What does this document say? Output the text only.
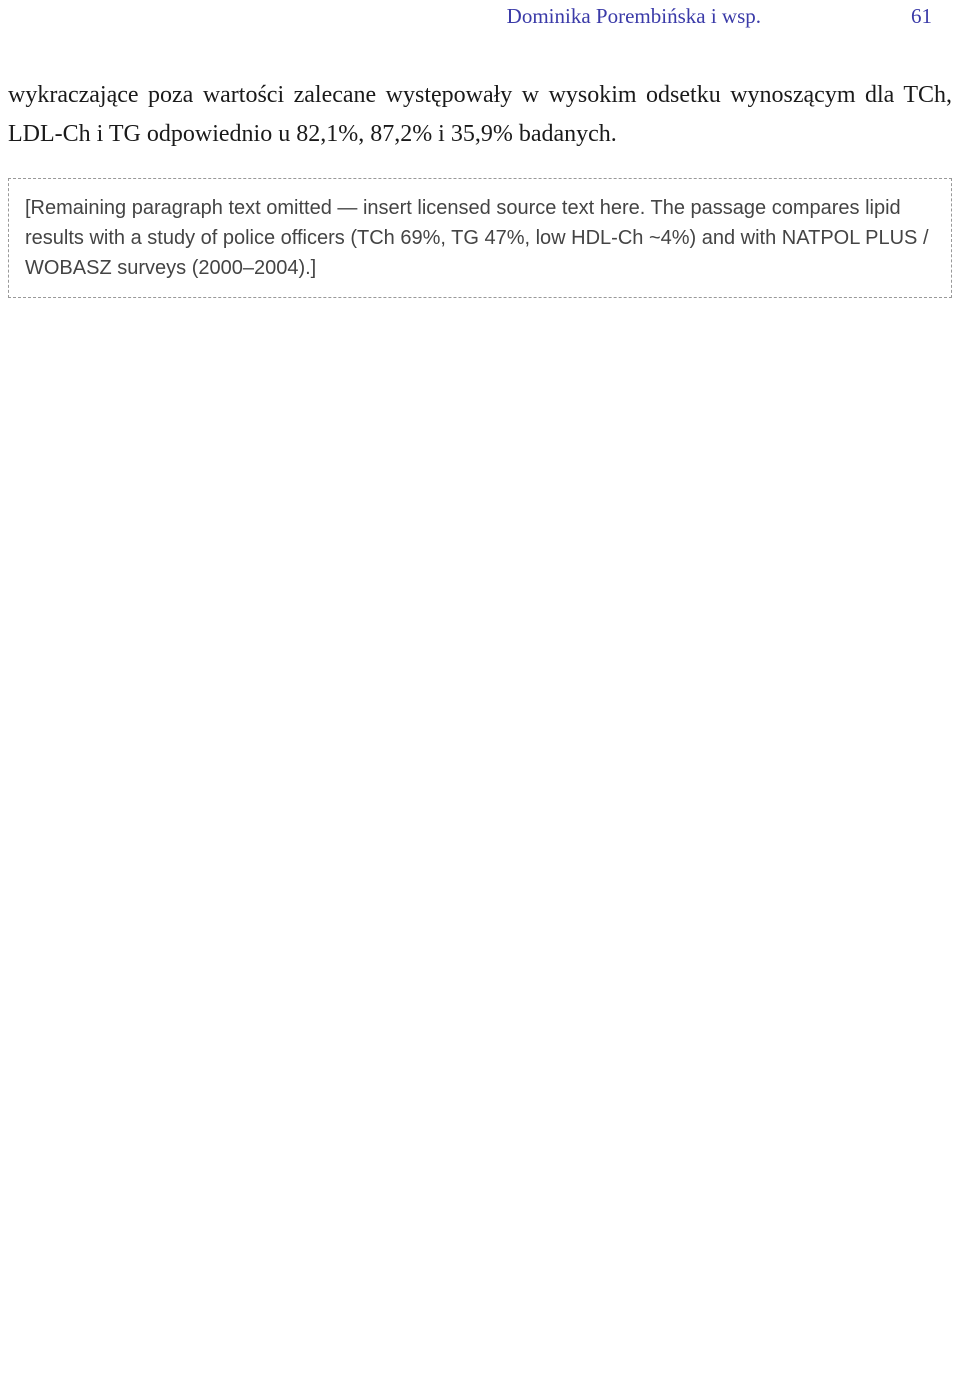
Dominika Porembińska i wsp.	61

wykraczające poza wartości zalecane występowały w wysokim odsetku wynoszącym dla TCh, LDL-Ch i TG odpowiednio u 82,1%, 87,2% i 35,9% badanych.

[Remaining paragraph text omitted — insert licensed source text here. The passage compares lipid results with a study of police officers (TCh 69%, TG 47%, low HDL-Ch ~4%) and with NATPOL PLUS / WOBASZ surveys (2000–2004).]
